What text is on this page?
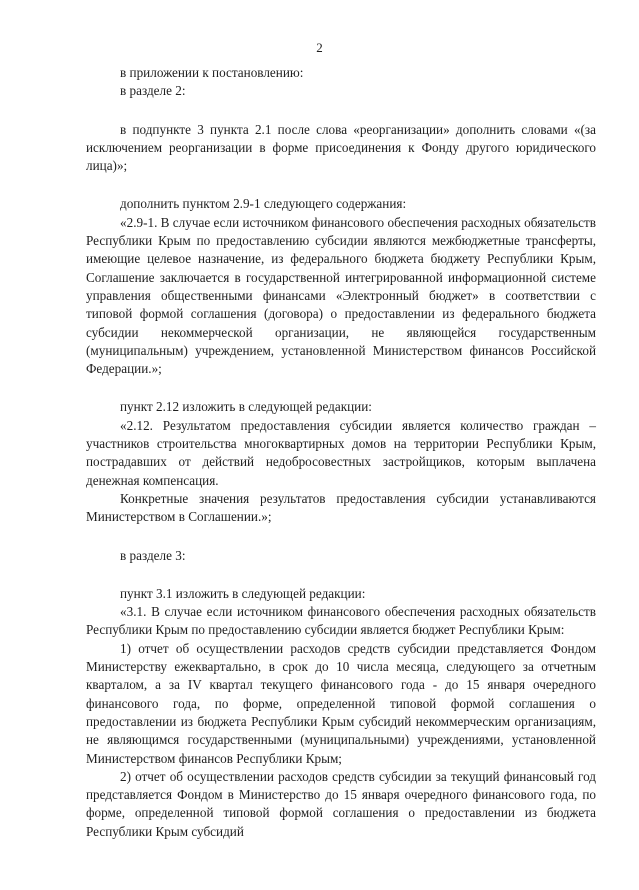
2

в приложении к постановлению:

в разделе 2:

в подпункте 3 пункта 2.1 после слова «реорганизации» дополнить словами «(за исключением реорганизации в форме присоединения к Фонду другого юридического лица)»;

дополнить пунктом 2.9-1 следующего содержания:

«2.9-1. В случае если источником финансового обеспечения расходных обязательств Республики Крым по предоставлению субсидии являются межбюджетные трансферты, имеющие целевое назначение, из федерального бюджета бюджету Республики Крым, Соглашение заключается в государственной интегрированной информационной системе управления общественными финансами «Электронный бюджет» в соответствии с типовой формой соглашения (договора) о предоставлении из федерального бюджета субсидии некоммерческой организации, не являющейся государственным (муниципальным) учреждением, установленной Министерством финансов Российской Федерации.»;

пункт 2.12 изложить в следующей редакции:

«2.12. Результатом предоставления субсидии является количество граждан – участников строительства многоквартирных домов на территории Республики Крым, пострадавших от действий недобросовестных застройщиков, которым выплачена денежная компенсация.

Конкретные значения результатов предоставления субсидии устанавливаются Министерством в Соглашении.»;

в разделе 3:

пункт 3.1 изложить в следующей редакции:

«3.1. В случае если источником финансового обеспечения расходных обязательств Республики Крым по предоставлению субсидии является бюджет Республики Крым:

1) отчет об осуществлении расходов средств субсидии представляется Фондом Министерству ежеквартально, в срок до 10 числа месяца, следующего за отчетным кварталом, а за IV квартал текущего финансового года - до 15 января очередного финансового года, по форме, определенной типовой формой соглашения о предоставлении из бюджета Республики Крым субсидий некоммерческим организациям, не являющимся государственными (муниципальными) учреждениями, установленной Министерством финансов Республики Крым;

2) отчет об осуществлении расходов средств субсидии за текущий финансовый год представляется Фондом в Министерство до 15 января очередного финансового года, по форме, определенной типовой формой соглашения о предоставлении из бюджета Республики Крым субсидий
